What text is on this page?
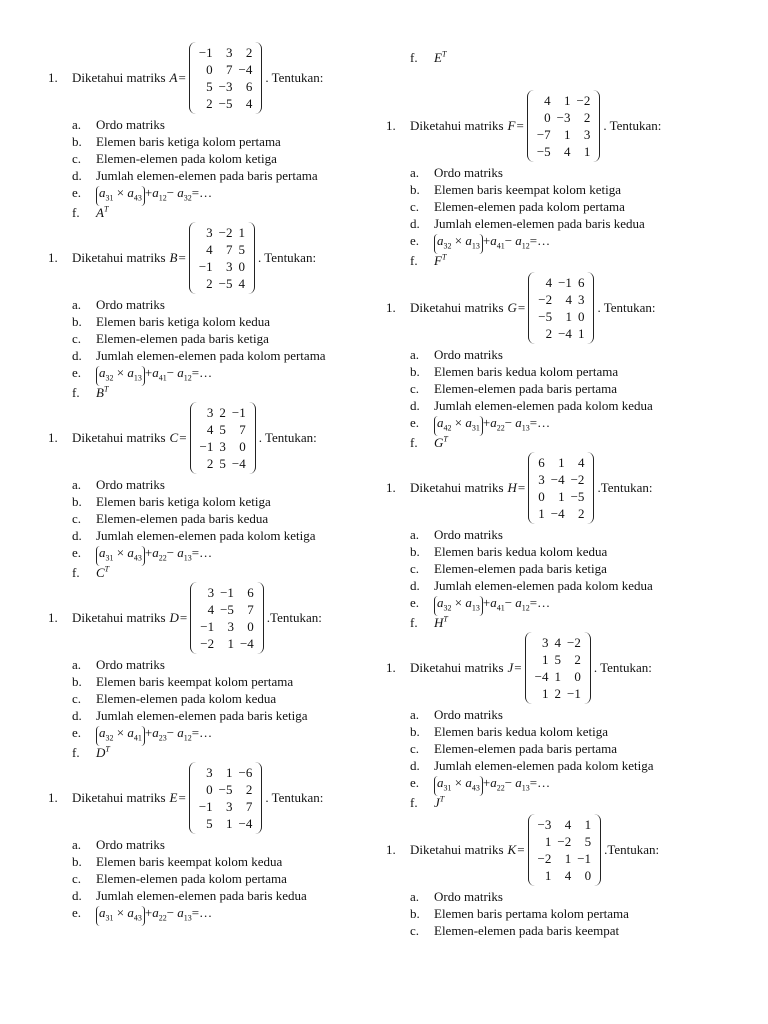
1.	Diketahui matriks A =
−1	3	2
0	7	−4
5	−3	6
2	−5	4
. Tentukan:
a. Ordo matriks
b. Elemen baris ketiga kolom pertama
c. Elemen-elemen pada kolom ketiga
d. Jumlah elemen-elemen pada baris pertama
e. $a_{31} \times a_{43} +a_{12}-$ $a_{32}=\dots$
f. $A^T$
1.	Diketahui matriks B =
3	−2	1
4	7	5
−1	3	0
2	−5	4
. Tentukan:
a. Ordo matriks
b. Elemen baris ketiga kolom kedua
c. Elemen-elemen pada baris ketiga
d. Jumlah elemen-elemen pada kolom pertama
e. $a_{32} \times a_{13} +a_{41}-$ $a_{12}=\dots$
f. $B^T$
1.	Diketahui matriks C =
3	2	−1
4	5	7
−1	3	0
2	5	−4
. Tentukan:
a. Ordo matriks
b. Elemen baris ketiga kolom ketiga
c. Elemen-elemen pada baris kedua
d. Jumlah elemen-elemen pada kolom ketiga
e. $a_{31} \times a_{43} +a_{22}-$ $a_{13}=\dots$
f. $C^T$
1.	Diketahui matriks D =
3	−1	6
4	−5	7
−1	3	0
−2	1	−4
.Tentukan:
a. Ordo matriks
b. Elemen baris keempat kolom pertama
c. Elemen-elemen pada kolom kedua
d. Jumlah elemen-elemen pada baris ketiga
e. $a_{32} \times a_{41} +a_{23}-$ $a_{12}=\dots$
f. $D^T$
1.	Diketahui matriks E =
3	1	−6
0	−5	2
−1	3	7
5	1	−4
. Tentukan:
a. Ordo matriks
b. Elemen baris keempat kolom kedua
c. Elemen-elemen pada kolom pertama
d. Jumlah elemen-elemen pada baris kedua
e. $a_{31} \times a_{43} +a_{22}-$ $a_{13}=\dots$
1.	Diketahui matriks F =
4	1	−2
0	−3	2
−7	1	3
−5	4	1
. Tentukan:
a. Ordo matriks
b. Elemen baris keempat kolom ketiga
c. Elemen-elemen pada kolom pertama
d. Jumlah elemen-elemen pada baris kedua
e. $a_{32} \times a_{13} +a_{41}-$ $a_{12}=\dots$
f. $F^T$
1.	Diketahui matriks G =
4	−1	6
−2	4	3
−5	1	0
2	−4	1
. Tentukan:
a. Ordo matriks
b. Elemen baris kedua kolom pertama
c. Elemen-elemen pada baris pertama
d. Jumlah elemen-elemen pada kolom kedua
e. $a_{42} \times a_{31} +a_{22}-$ $a_{13}=\dots$
f. $G^T$
1.	Diketahui matriks H =
6	1	4
3	−4	−2
0	1	−5
1	−4	2
.Tentukan:
a. Ordo matriks
b. Elemen baris kedua kolom kedua
c. Elemen-elemen pada baris ketiga
d. Jumlah elemen-elemen pada kolom kedua
e. $a_{32} \times a_{13} +a_{41}-$ $a_{12}=\dots$
f. $H^T$
1.	Diketahui matriks J =
3	4	−2
1	5	2
−4	1	0
1	2	−1
. Tentukan:
a. Ordo matriks
b. Elemen baris kedua kolom ketiga
c. Elemen-elemen pada baris pertama
d. Jumlah elemen-elemen pada kolom ketiga
e. $a_{31} \times a_{43} +a_{22}-$ $a_{13}=\dots$
f. $J^T$
1.	Diketahui matriks K =
−3	4	1
1	−2	5
−2	1	−1
1	4	0
.Tentukan:
a. Ordo matriks
b. Elemen baris pertama kolom pertama
c. Elemen-elemen pada baris keempat
f. $E^T$
